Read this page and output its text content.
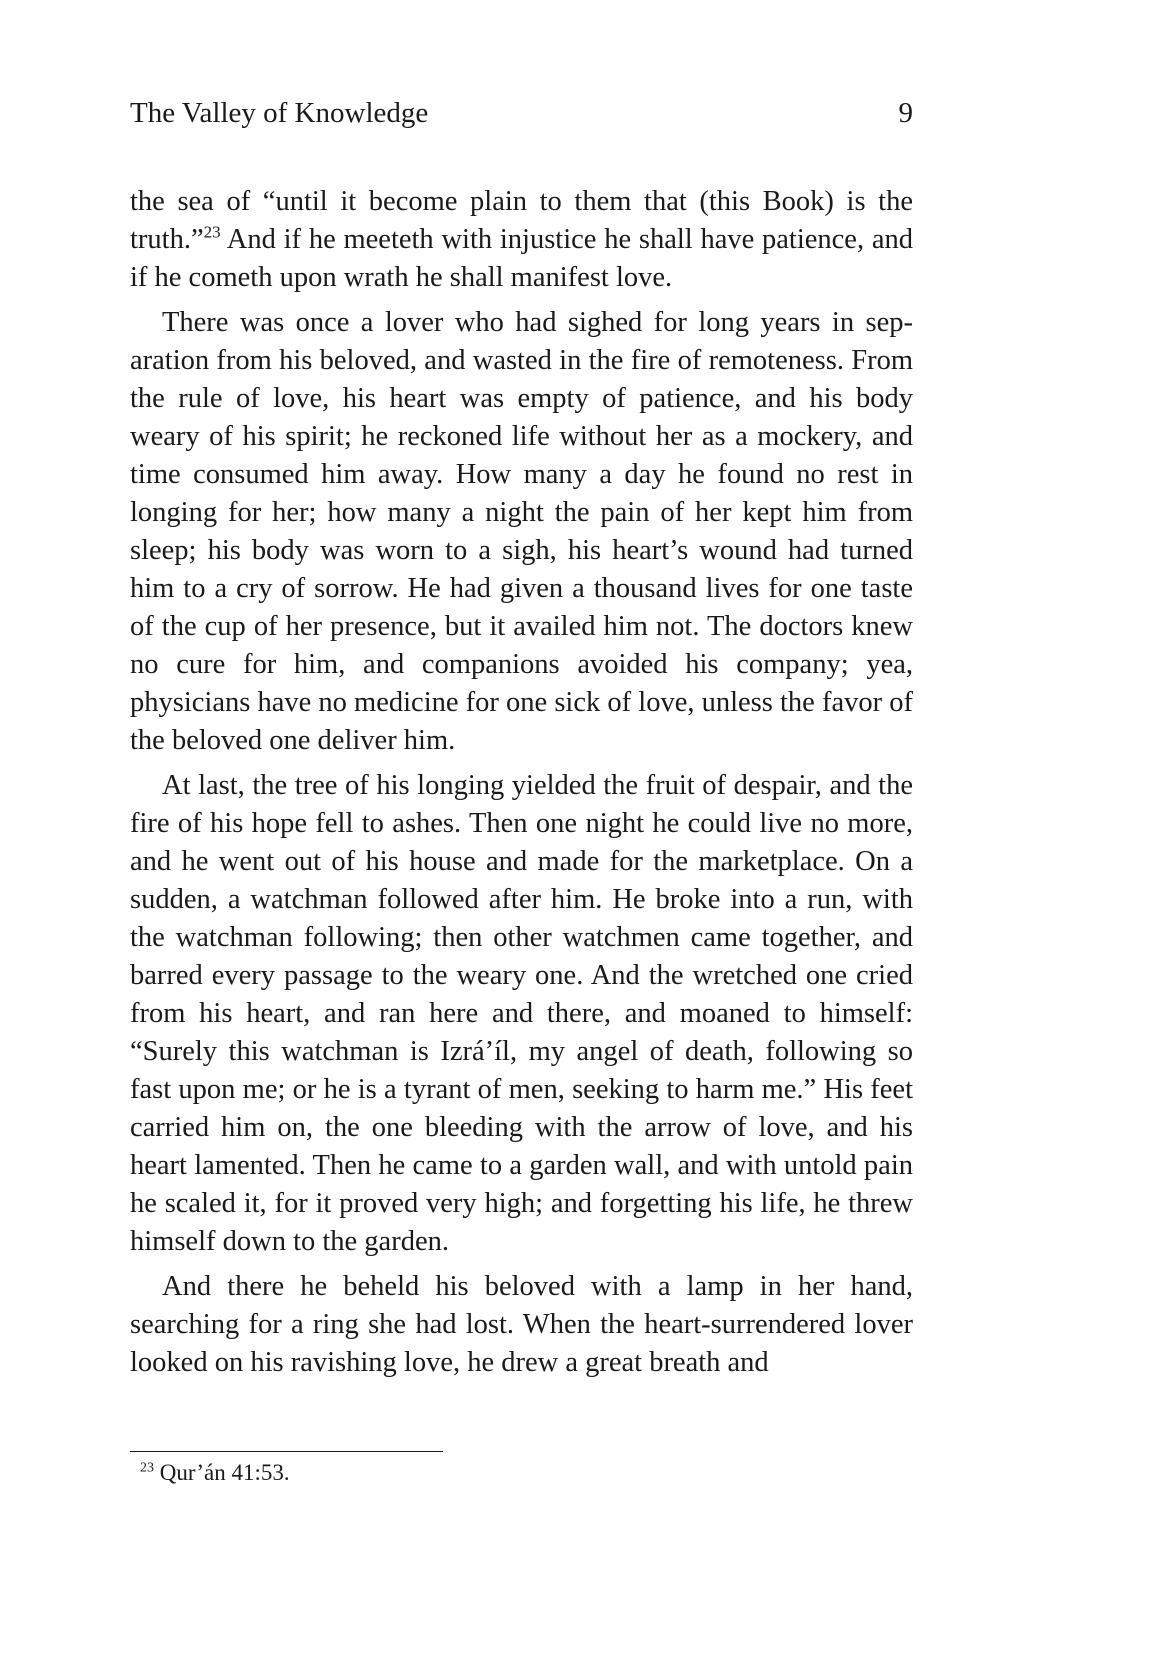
The Valley of Knowledge	9

the sea of “until it become plain to them that (this Book) is the truth.”$^{23}$ And if he meeteth with injustice he shall have patience, and if he cometh upon wrath he shall manifest love.

There was once a lover who had sighed for long years in separation from his beloved, and wasted in the fire of remoteness. From the rule of love, his heart was empty of patience, and his body weary of his spirit; he reckoned life without her as a mockery, and time consumed him away. How many a day he found no rest in longing for her; how many a night the pain of her kept him from sleep; his body was worn to a sigh, his heart’s wound had turned him to a cry of sorrow. He had given a thousand lives for one taste of the cup of her presence, but it availed him not. The doctors knew no cure for him, and companions avoided his company; yea, physicians have no medicine for one sick of love, unless the favor of the beloved one deliver him.

At last, the tree of his longing yielded the fruit of despair, and the fire of his hope fell to ashes. Then one night he could live no more, and he went out of his house and made for the marketplace. On a sudden, a watchman followed after him. He broke into a run, with the watchman following; then other watchmen came together, and barred every passage to the weary one. And the wretched one cried from his heart, and ran here and there, and moaned to himself: “Surely this watchman is Izrá’íl, my angel of death, following so fast upon me; or he is a tyrant of men, seeking to harm me.” His feet carried him on, the one bleeding with the arrow of love, and his heart lamented. Then he came to a garden wall, and with untold pain he scaled it, for it proved very high; and forgetting his life, he threw himself down to the garden.

And there he beheld his beloved with a lamp in her hand, searching for a ring she had lost. When the heart-surrendered lover looked on his ravishing love, he drew a great breath and

$^{23}$ Qur’án 41:53.
